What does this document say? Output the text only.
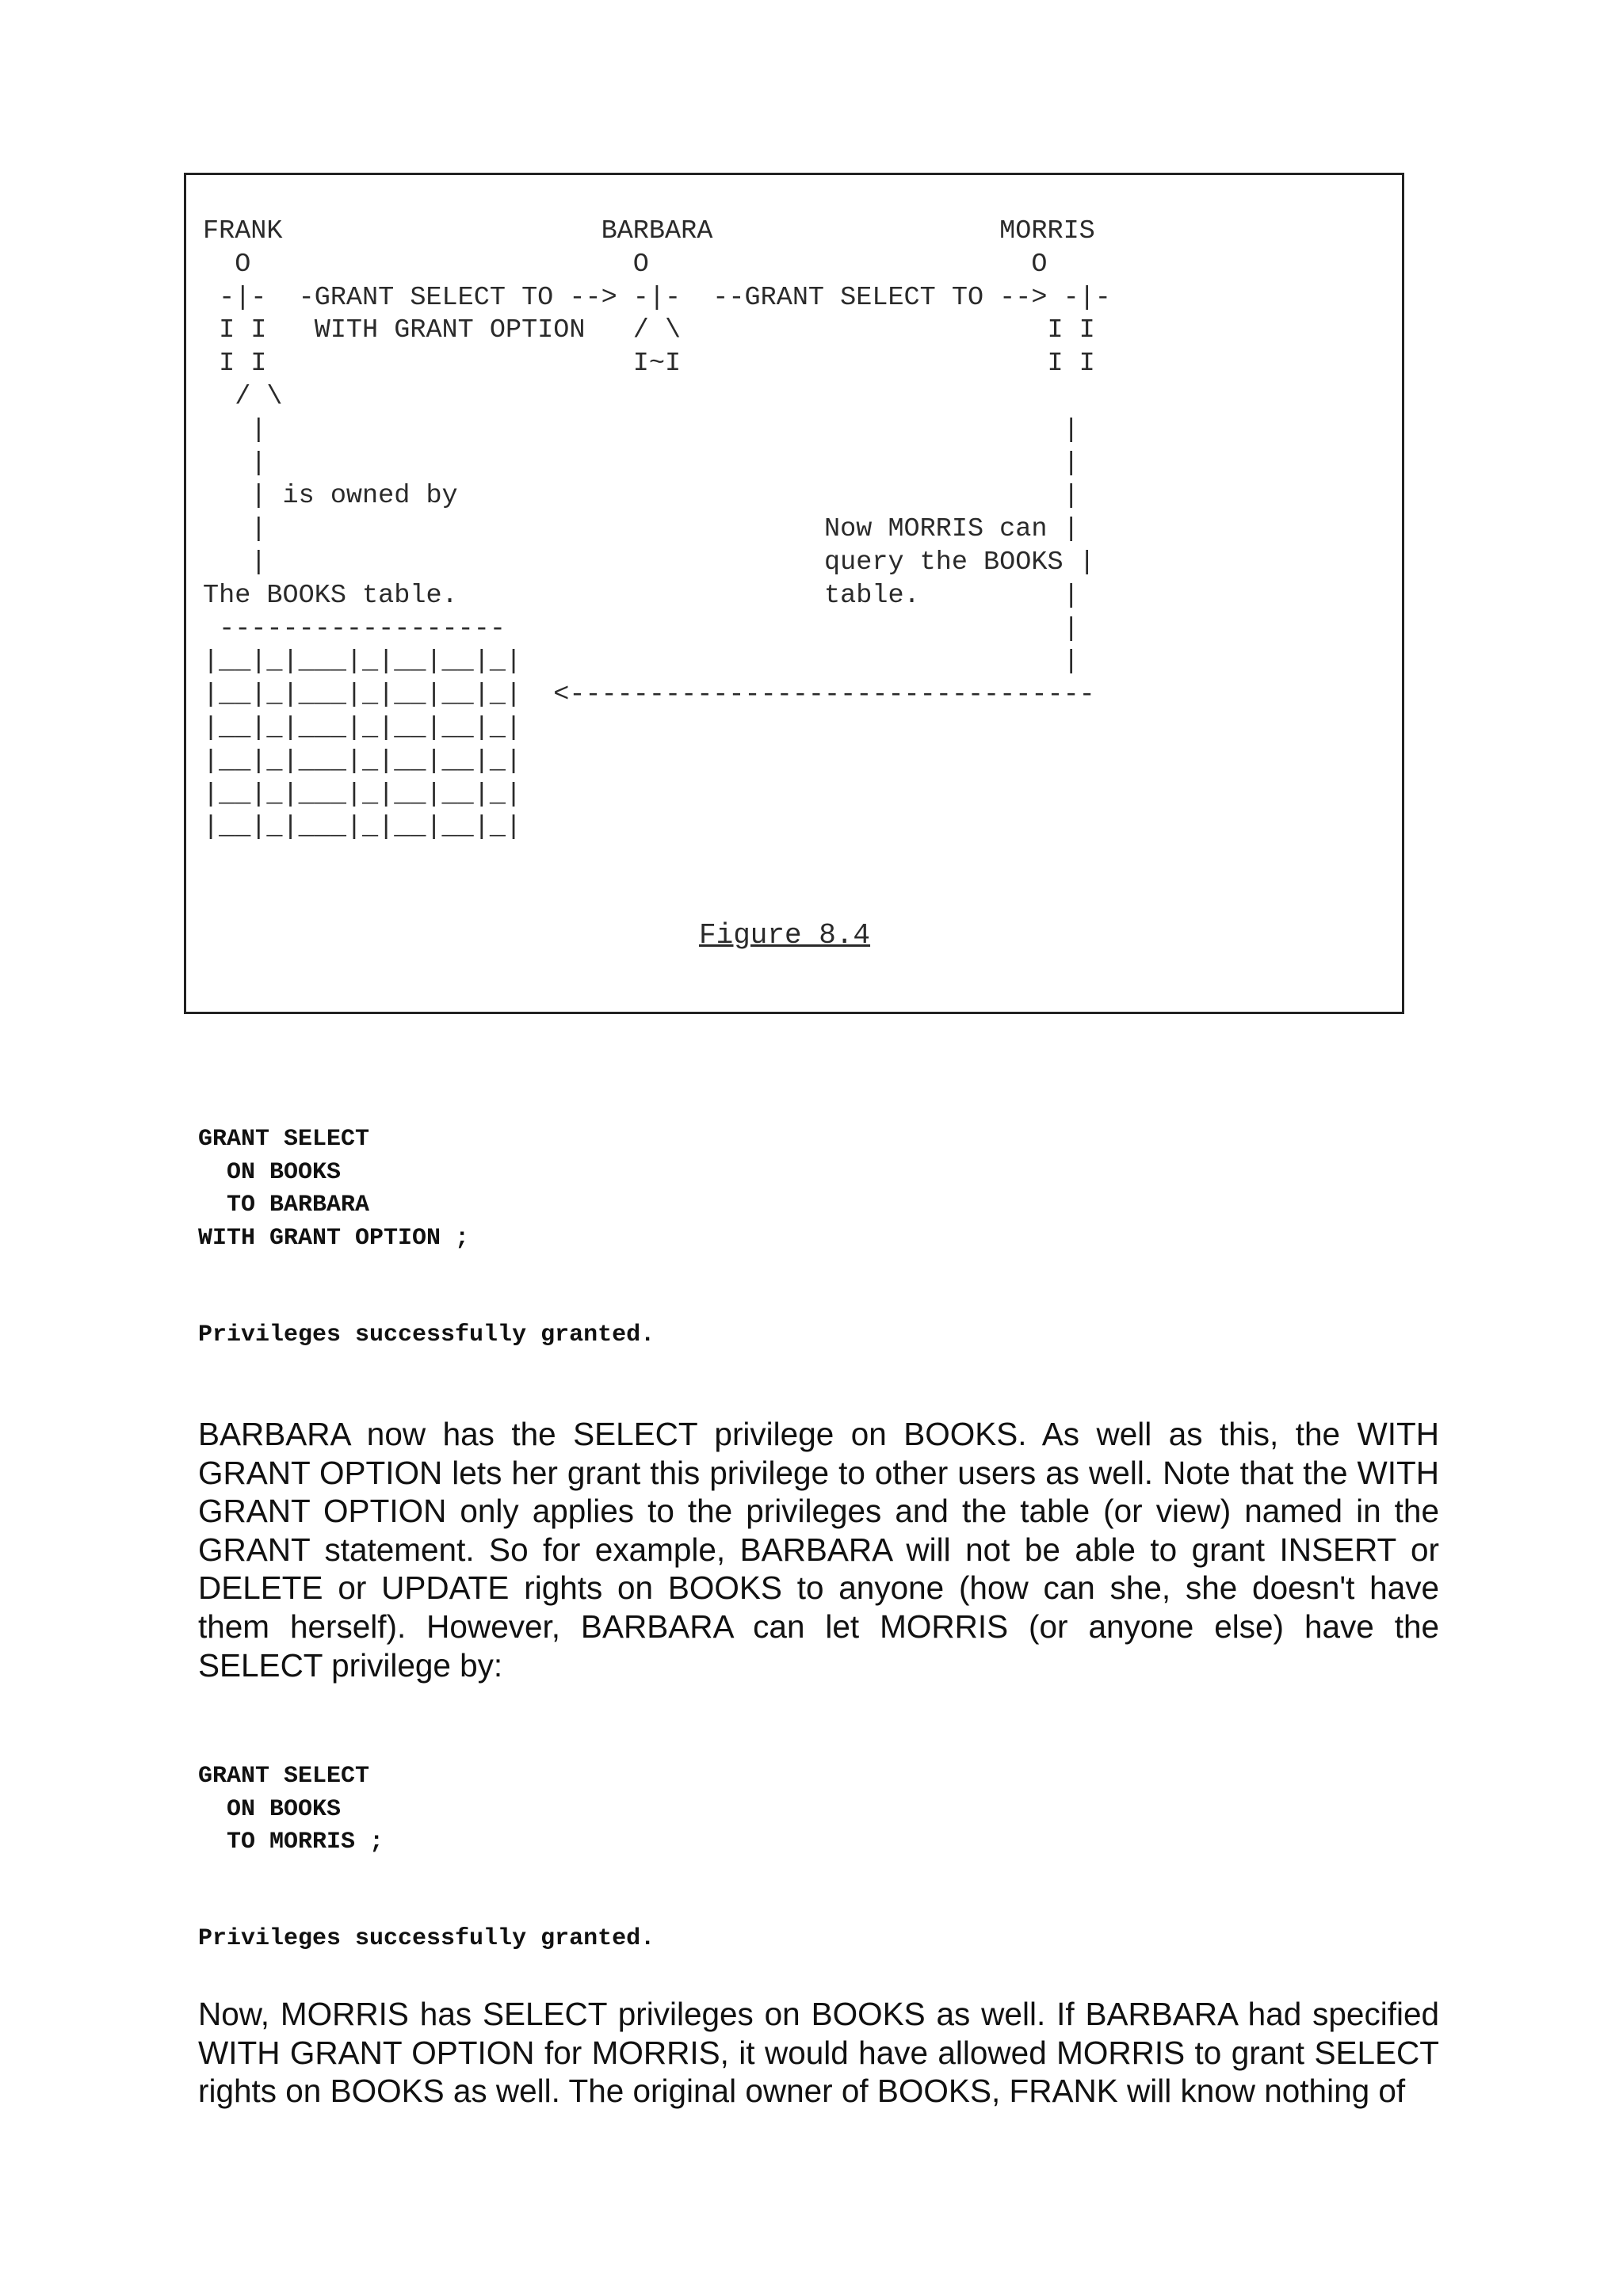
FRANK                    BARBARA                  MORRIS
O                        O                        O
-|-  -GRANT SELECT TO --> -|-  --GRANT SELECT TO --> -|-
I I   WITH GRANT OPTION   / \                       I I
I I                       I~I                       I I
/ \
|                                                  |
|                                                  |
| is owned by                                      |
|                                   Now MORRIS can |
|                                   query the BOOKS |
The BOOKS table.                       table.         |
------------------                                   |
|__|_|___|_|__|__|_|                                  |
|__|_|___|_|__|__|_|  <---------------------------------
|__|_|___|_|__|__|_|
|__|_|___|_|__|__|_|
|__|_|___|_|__|__|_|
|__|_|___|_|__|__|_|
Figure 8.4
GRANT SELECT
ON BOOKS
TO BARBARA
WITH GRANT OPTION ;
Privileges successfully granted.

BARBARA now has the SELECT privilege on BOOKS. As well as this, the WITH GRANT OPTION lets her grant this privilege to other users as well. Note that the WITH GRANT OPTION only applies to the privileges and the table (or view) named in the GRANT statement. So for example, BARBARA will not be able to grant INSERT or DELETE or UPDATE rights on BOOKS to anyone (how can she, she doesn't have them herself). However, BARBARA can let MORRIS (or anyone else) have the SELECT privilege by:

GRANT SELECT
ON BOOKS
TO MORRIS ;
Privileges successfully granted.

Now, MORRIS has SELECT privileges on BOOKS as well. If BARBARA had specified WITH GRANT OPTION for MORRIS, it would have allowed MORRIS to grant SELECT rights on BOOKS as well. The original owner of BOOKS, FRANK will know nothing of
